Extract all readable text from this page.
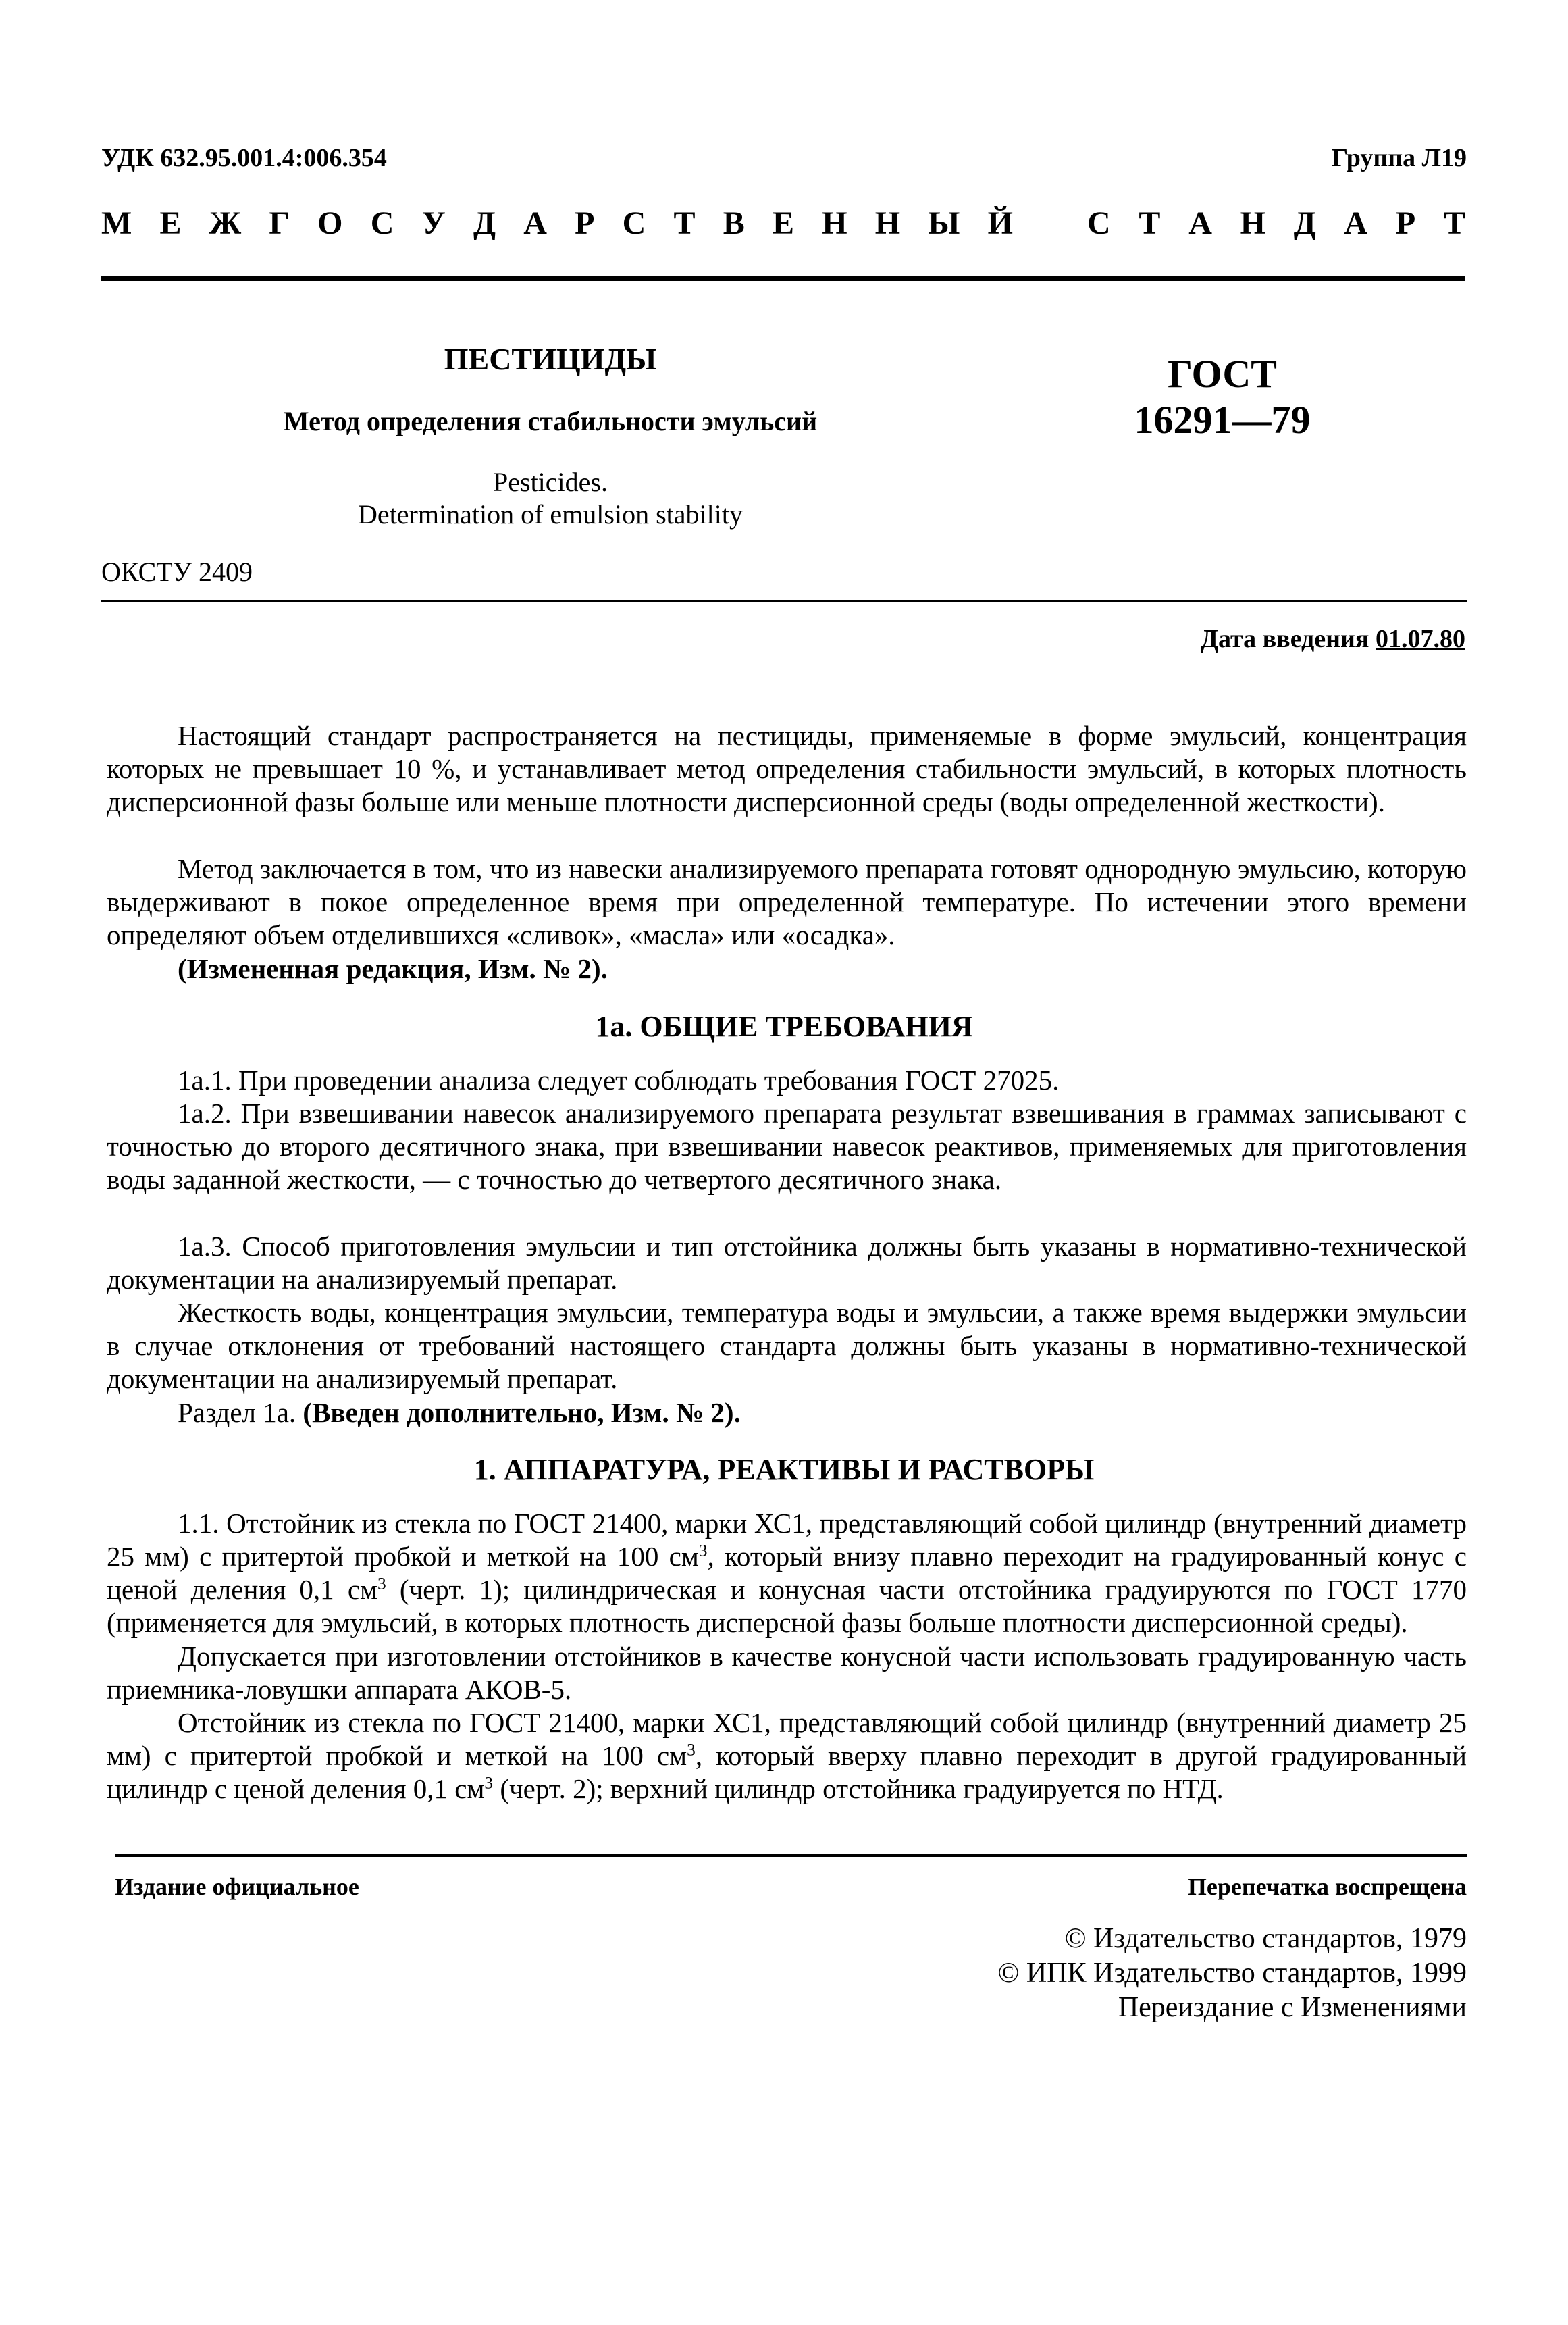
УДК 632.95.001.4:006.354	Группа Л19
М Е Ж Г О С У Д А Р С Т В Е Н Н Ы Й С Т А Н Д А Р Т
ПЕСТИЦИДЫ
Метод определения стабильности эмульсий
Pesticides.
Determination of emulsion stability
ГОСТ
16291—79
ОКСТУ 2409
Дата введения 01.07.80

Настоящий стандарт распространяется на пестициды, применяемые в форме эмульсий, концентрация которых не превышает 10 %, и устанавливает метод определения стабильности эмульсий, в которых плотность дисперсионной фазы больше или меньше плотности дисперсионной среды (воды определенной жесткости).

Метод заключается в том, что из навески анализируемого препарата готовят однородную эмульсию, которую выдерживают в покое определенное время при определенной температуре. По истечении этого времени определяют объем отделившихся «сливок», «масла» или «осадка».

(Измененная редакция, Изм. № 2).

1а. ОБЩИЕ ТРЕБОВАНИЯ

1а.1. При проведении анализа следует соблюдать требования ГОСТ 27025.

1а.2. При взвешивании навесок анализируемого препарата результат взвешивания в граммах записывают с точностью до второго десятичного знака, при взвешивании навесок реактивов, применяемых для приготовления воды заданной жесткости, — с точностью до четвертого десятичного знака.

1а.3. Способ приготовления эмульсии и тип отстойника должны быть указаны в нормативно-технической документации на анализируемый препарат.

Жесткость воды, концентрация эмульсии, температура воды и эмульсии, а также время выдержки эмульсии в случае отклонения от требований настоящего стандарта должны быть указаны в нормативно-технической документации на анализируемый препарат.

Раздел 1а. (Введен дополнительно, Изм. № 2).

1. АППАРАТУРА, РЕАКТИВЫ И РАСТВОРЫ

1.1. Отстойник из стекла по ГОСТ 21400, марки ХС1, представляющий собой цилиндр (внутренний диаметр 25 мм) с притертой пробкой и меткой на 100 $см^3$, который внизу плавно переходит на градуированный конус с ценой деления 0,1 $см^3$ (черт. 1); цилиндрическая и конусная части отстойника градуируются по ГОСТ 1770 (применяется для эмульсий, в которых плотность дисперсной фазы больше плотности дисперсионной среды).

Допускается при изготовлении отстойников в качестве конусной части использовать градуированную часть приемника-ловушки аппарата АКОВ-5.

Отстойник из стекла по ГОСТ 21400, марки ХС1, представляющий собой цилиндр (внутренний диаметр 25 мм) с притертой пробкой и меткой на 100 $см^3$, который вверху плавно переходит в другой градуированный цилиндр с ценой деления 0,1 $см^3$ (черт. 2); верхний цилиндр отстойника градуируется по НТД.

Издание официальное	Перепечатка воспрещена
© Издательство стандартов, 1979
© ИПК Издательство стандартов, 1999
Переиздание с Изменениями
